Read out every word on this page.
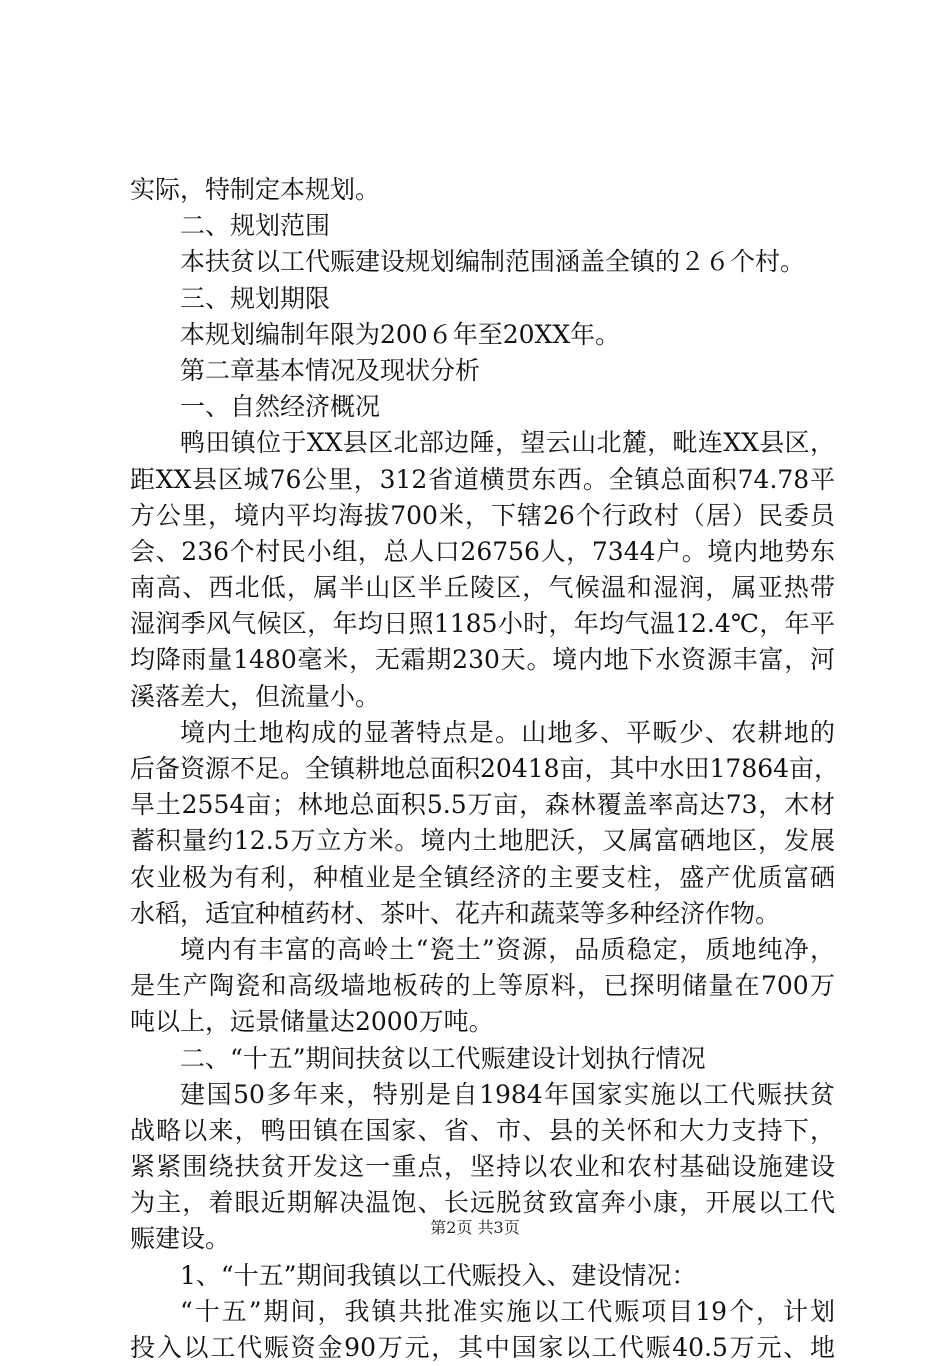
实际，特制定本规划。
二、规划范围
本扶贫以工代赈建设规划编制范围涵盖全镇的２６个村。
三、规划期限
本规划编制年限为200６年至20XX年。
第二章基本情况及现状分析
一、自然经济概况
鸭田镇位于XX县区北部边陲，望云山北麓，毗连XX县区，
距XX县区城76公里，312省道横贯东西。全镇总面积74.78平
方公里，境内平均海拔700米，下辖26个行政村（居）民委员
会、236个村民小组，总人口26756人，7344户。境内地势东
南高、西北低，属半山区半丘陵区，气候温和湿润，属亚热带
湿润季风气候区，年均日照1185小时，年均气温12.4℃，年平
均降雨量1480毫米，无霜期230天。境内地下水资源丰富，河
溪落差大，但流量小。
境内土地构成的显著特点是。山地多、平畈少、农耕地的
后备资源不足。全镇耕地总面积20418亩，其中水田17864亩，
旱土2554亩；林地总面积5.5万亩，森林覆盖率高达73，木材
蓄积量约12.5万立方米。境内土地肥沃，又属富硒地区，发展
农业极为有利，种植业是全镇经济的主要支柱，盛产优质富硒
水稻，适宜种植药材、茶叶、花卉和蔬菜等多种经济作物。
境内有丰富的高岭土“瓷土”资源，品质稳定，质地纯净，
是生产陶瓷和高级墙地板砖的上等原料，已探明储量在700万
吨以上，远景储量达2000万吨。
二、“十五”期间扶贫以工代赈建设计划执行情况
建国50多年来，特别是自1984年国家实施以工代赈扶贫
战略以来，鸭田镇在国家、省、市、县的关怀和大力支持下，
紧紧围绕扶贫开发这一重点，坚持以农业和农村基础设施建设
为主，着眼近期解决温饱、长远脱贫致富奔小康，开展以工代
赈建设。
1、“十五”期间我镇以工代赈投入、建设情况：
“十五”期间，我镇共批准实施以工代赈项目19个，计划
投入以工代赈资金90万元，其中国家以工代赈40.5万元、地
第2页 共3页
